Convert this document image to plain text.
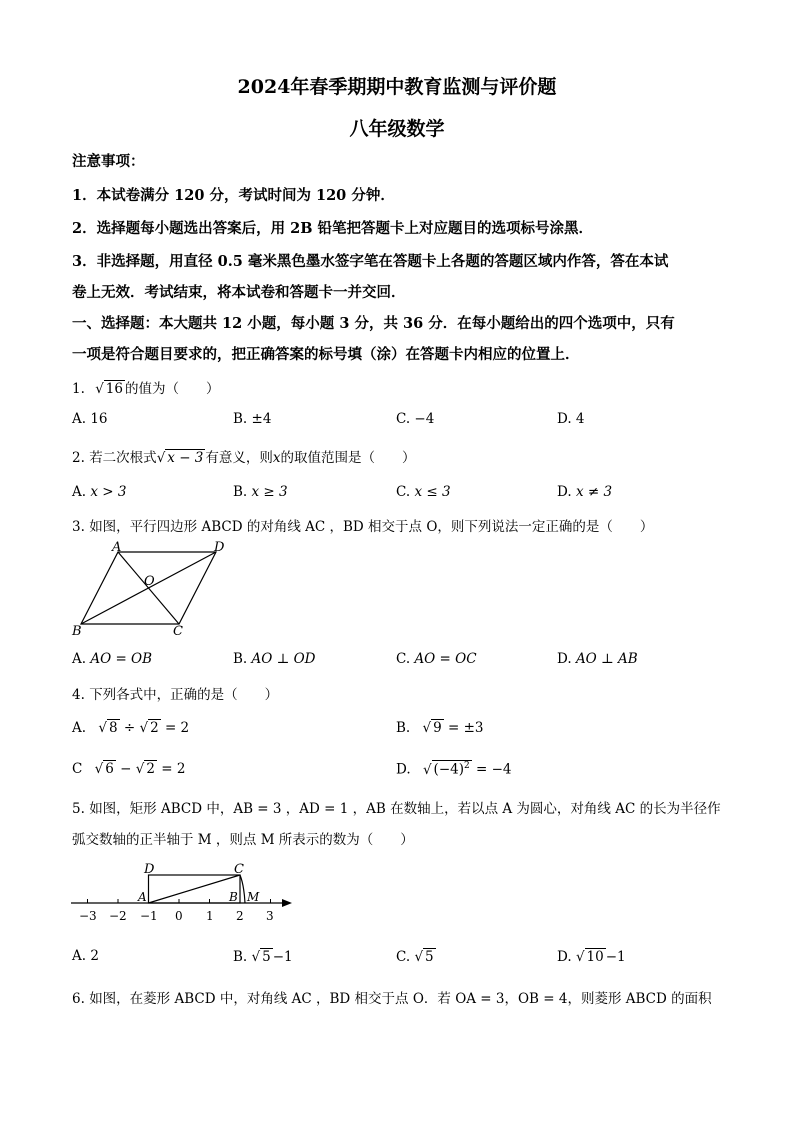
2024年春季期期中教育监测与评价题
八年级数学
注意事项：
1．本试卷满分 120 分，考试时间为 120 分钟．
2．选择题每小题选出答案后，用 2B 铅笔把答题卡上对应题目的选项标号涂黑．
3．非选择题，用直径 0.5 毫米黑色墨水签字笔在答题卡上各题的答题区域内作答，答在本试
卷上无效．考试结束，将本试卷和答题卡一并交回．
一、选择题：本大题共 12 小题，每小题 3 分，共 36 分．在每小题给出的四个选项中，只有
一项是符合题目要求的，把正确答案的标号填（涂）在答题卡内相应的位置上．
1. √ 16 的值为（　　）
A. 16	B. ±4	C. −4	D. 4
2. 若二次根式√ x − 3 有意义，则x的取值范围是（　　）
A. x > 3	B. x ≥ 3	C. x ≤ 3	D. x ≠ 3
3. 如图，平行四边形 ABCD 的对角线 AC ，BD 相交于点 O，则下列说法一定正确的是（　　）
A	D
O
B	C
A. AO = OB	B. AO ⊥ OD	C. AO = OC	D. AO ⊥ AB
4. 下列各式中，正确的是（　　）
A. √ 8 ÷ √ 2 = 2	B. √ 9 = ±3
C √ 6 − √ 2 = 2	D. √ $(-4)^2 = -4$
5. 如图，矩形 ABCD 中，AB = 3 ，AD = 1 ，AB 在数轴上，若以点 A 为圆心，对角线 AC 的长为半径作
弧交数轴的正半轴于 M ，则点 M 所表示的数为（　　）
D	C
A	B M
−3 −2 −1 0 1 2 3
A. 2	B. √ 5 −1	C. √ 5	D. √ 10 −1
6. 如图，在菱形 ABCD 中，对角线 AC ，BD 相交于点 O．若 OA = 3，OB = 4，则菱形 ABCD 的面积
